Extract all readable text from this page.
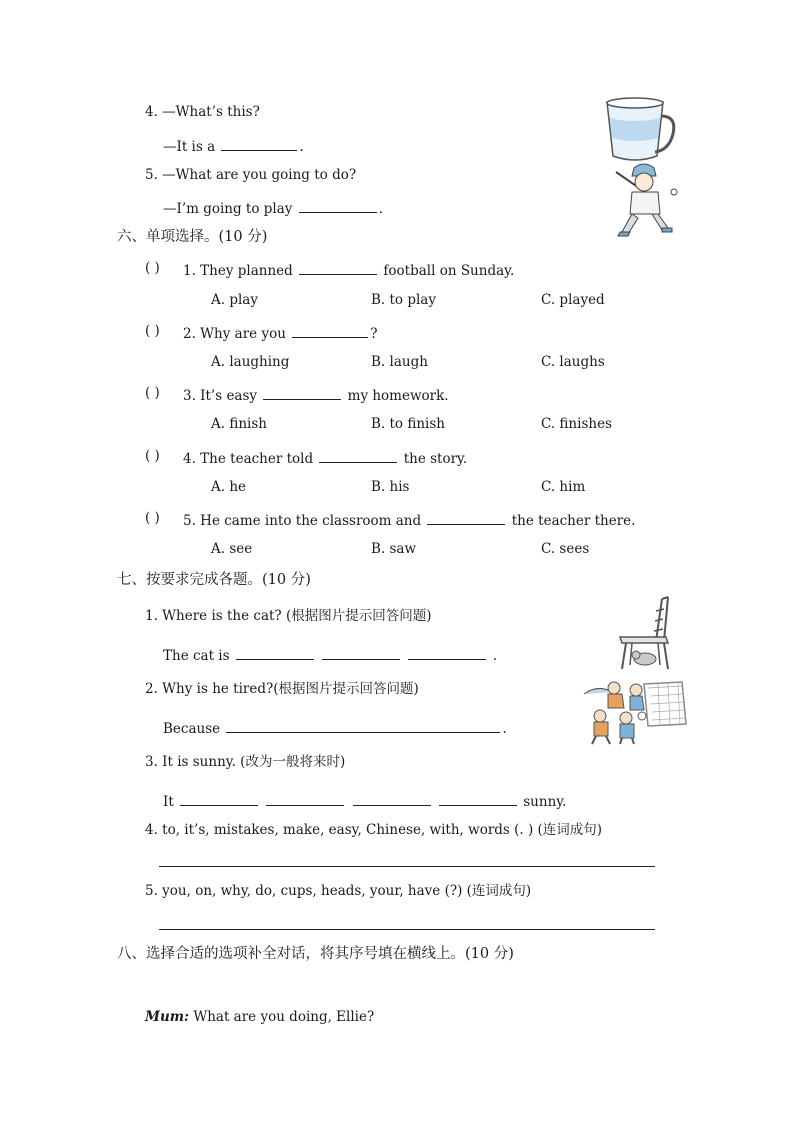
4. —What’s this?
—It is a	.
5. —What are you going to do?
—I’m going to play	.
六、单项选择。(10 分)
( ) 1. They planned	football on Sunday.
A. play	B. to play	C. played
( ) 2. Why are you	?
A. laughing	B. laugh	C. laughs
( ) 3. It’s easy	my homework.
A. finish	B. to finish	C. finishes
( ) 4. The teacher told	the story.
A. he	B. his	C. him
( ) 5. He came into the classroom and	the teacher there.
A. see	B. saw	C. sees
七、按要求完成各题。(10 分)
1. Where is the cat? (根据图片提示回答问题)
The cat is	.
2. Why is he tired?(根据图片提示回答问题)
Because	.
3. It is sunny. (改为一般将来时)
It	sunny.
4. to, it’s, mistakes, make, easy, Chinese, with, words (. ) (连词成句)
5. you, on, why, do, cups, heads, your, have (?) (连词成句)
八、选择合适的选项补全对话，将其序号填在横线上。(10 分)
Mum: What are you doing, Ellie?
